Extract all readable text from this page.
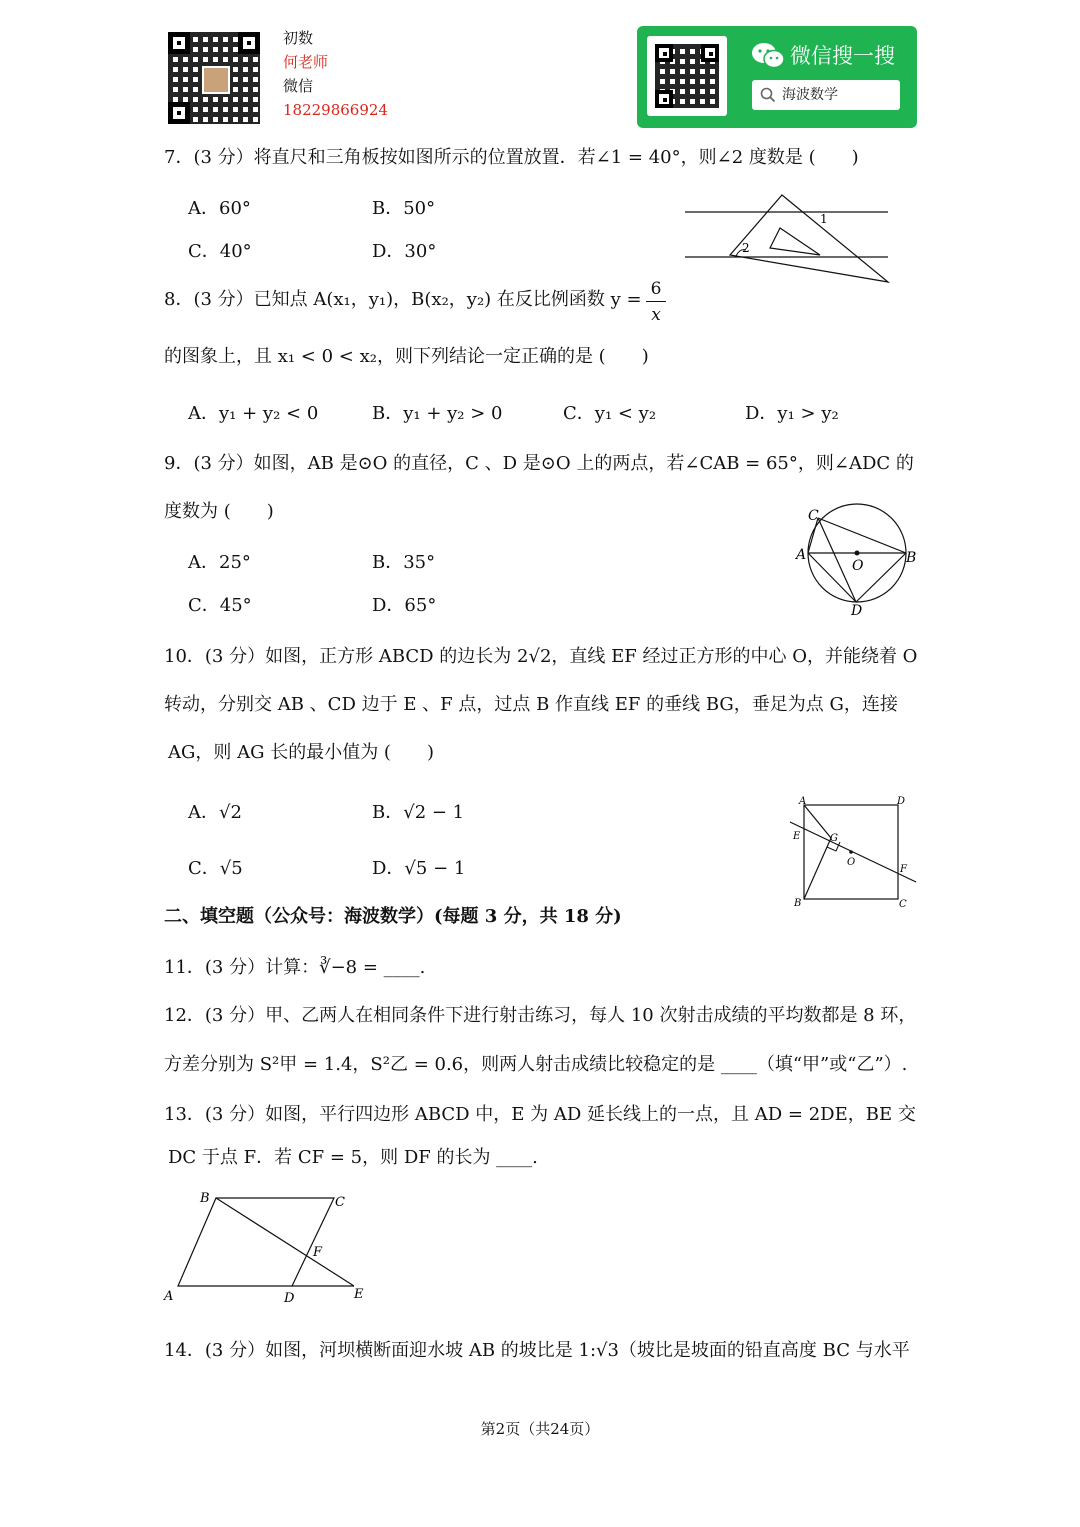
初数
何老师
微信
18229866924
微信搜一搜
海波数学
7．(3 分）将直尺和三角板按如图所示的位置放置．若∠1 = 40°，则∠2 度数是 (　　)
A．60°	B．50°
C．40°	D．30°
1
2
8．(3 分）已知点 A(x₁，y₁)，B(x₂，y₂) 在反比例函数 y = 6
x
的图象上，且 x₁ < 0 < x₂，则下列结论一定正确的是 (　　)
A．y₁ + y₂ < 0	B．y₁ + y₂ > 0	C．y₁ < y₂	D．y₁ > y₂
9．(3 分）如图，AB 是⊙O 的直径，C 、D 是⊙O 上的两点，若∠CAB = 65°，则∠ADC 的
度数为 (　　)
A．25°	B．35°
C．45°	D．65°
C
A	B
O
D
10．(3 分）如图，正方形 ABCD 的边长为 2√2，直线 EF 经过正方形的中心 O，并能绕着 O
转动，分别交 AB 、CD 边于 E 、F 点，过点 B 作直线 EF 的垂线 BG，垂足为点 G，连接
AG，则 AG 长的最小值为 (　　)
A．√2	B．√2 − 1
C．√5	D．√5 − 1
A	D
E	G
O
F
B	C
二、填空题（公众号：海波数学）(每题 3 分，共 18 分)
11．(3 分）计算：∛−8 = ____.
12．(3 分）甲、乙两人在相同条件下进行射击练习，每人 10 次射击成绩的平均数都是 8 环，
方差分别为 S²甲 = 1.4，S²乙 = 0.6，则两人射击成绩比较稳定的是 ____（填“甲”或“乙”）.
13．(3 分）如图，平行四边形 ABCD 中，E 为 AD 延长线上的一点，且 AD = 2DE，BE 交
DC 于点 F．若 CF = 5，则 DF 的长为 ____.
B	C
F
A	D	E
14．(3 分）如图，河坝横断面迎水坡 AB 的坡比是 1:√3（坡比是坡面的铅直高度 BC 与水平
第2页（共24页）
